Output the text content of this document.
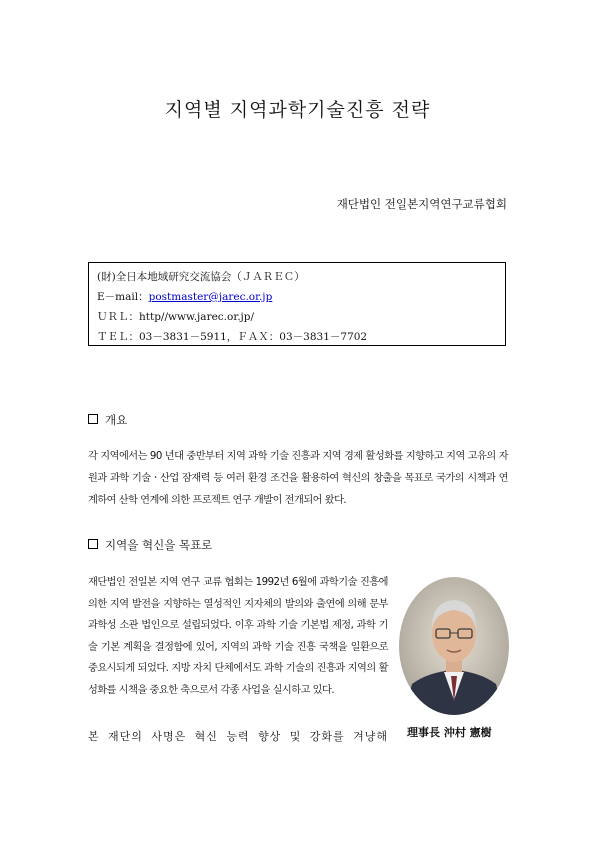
지역별 지역과학기술진흥 전략
재단법인 전일본지역연구교류협회
(財)全日本地域研究交流協会（ＪＡＲＥＣ）
E－mail：postmaster@jarec.or.jp
ＵＲＬ：http//www.jarec.or.jp/
ＴＥＬ：03－3831－5911，ＦＡＸ：03－3831－7702
개요
각 지역에서는 90 년대 중반부터 지역 과학 기술 진흥과 지역 경제 활성화를 지향하고 지역 고유의 자원과 과학 기술ㆍ산업 잠재력 등 여러 환경 조건을 활용하여 혁신의 창출을 목표로 국가의 시책과 연계하여 산학 연계에 의한 프로젝트 연구 개발이 전개되어 왔다.
지역을 혁신을 목표로
재단법인 전일본 지역 연구 교류 협회는 1992년 6월에 과학기술 진흥에 의한 지역 발전을 지향하는 열성적인 지자체의 발의와 출연에 의해 문부 과학성 소관 법인으로 설립되었다. 이후 과학 기술 기본법 제정, 과학 기술 기본 계획을 결정함에 있어, 지역의 과학 기술 진흥 국책을 일환으로 중요시되게 되었다. 지방 자치 단체에서도 과학 기술의 진흥과 지역의 활성화를 시책을 중요한 축으로서 각종 사업을 실시하고 있다.
理事長 沖村 憲樹
본 재단의 사명은 혁신 능력 향상 및 강화를 겨냥해
